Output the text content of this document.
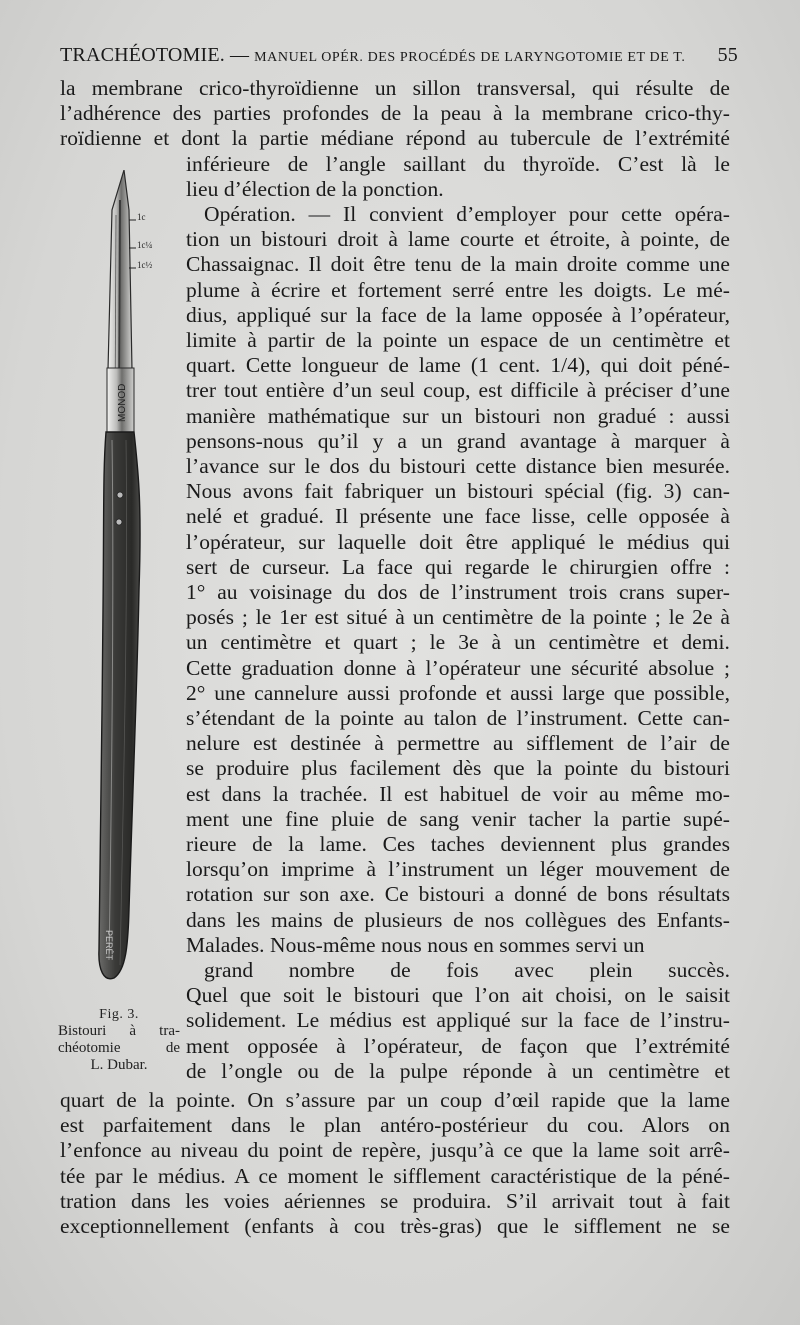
TRACHÉOTOMIE. — MANUEL OPÉR. DES PROCÉDÉS DE LARYNGOTOMIE ET DE T. 55
la membrane crico-thyroïdienne un sillon transversal, qui résulte de
l’adhérence des parties profondes de la peau à la membrane crico-thy-
roïdienne et dont la partie médiane répond au tubercule de l’extrémité
inférieure de l’angle saillant du thyroïde. C’est là le
lieu d’élection de la ponction.
Opération. — Il convient d’employer pour cette opéra-
tion un bistouri droit à lame courte et étroite, à pointe, de
Chassaignac. Il doit être tenu de la main droite comme une
plume à écrire et fortement serré entre les doigts. Le mé-
dius, appliqué sur la face de la lame opposée à l’opérateur,
limite à partir de la pointe un espace de un centimètre et
quart. Cette longueur de lame (1 cent. 1/4), qui doit péné-
trer tout entière d’un seul coup, est difficile à préciser d’une
manière mathématique sur un bistouri non gradué : aussi
pensons-nous qu’il y a un grand avantage à marquer à
l’avance sur le dos du bistouri cette distance bien mesurée.
Nous avons fait fabriquer un bistouri spécial (fig. 3) can-
nelé et gradué. Il présente une face lisse, celle opposée à
l’opérateur, sur laquelle doit être appliqué le médius qui
sert de curseur. La face qui regarde le chirurgien offre :
1° au voisinage du dos de l’instrument trois crans super-
posés ; le 1er est situé à un centimètre de la pointe ; le 2e à
un centimètre et quart ; le 3e à un centimètre et demi.
Cette graduation donne à l’opérateur une sécurité absolue ;
2° une cannelure aussi profonde et aussi large que possible,
s’étendant de la pointe au talon de l’instrument. Cette can-
nelure est destinée à permettre au sifflement de l’air de
se produire plus facilement dès que la pointe du bistouri
est dans la trachée. Il est habituel de voir au même mo-
ment une fine pluie de sang venir tacher la partie supé-
rieure de la lame. Ces taches deviennent plus grandes
lorsqu’on imprime à l’instrument un léger mouvement de
rotation sur son axe. Ce bistouri a donné de bons résultats
dans les mains de plusieurs de nos collègues des Enfants-
Malades. Nous-même nous nous en sommes servi un
grand nombre de fois avec plein succès.
Quel que soit le bistouri que l’on ait choisi, on le saisit
solidement. Le médius est appliqué sur la face de l’instru-
ment opposée à l’opérateur, de façon que l’extrémité
de l’ongle ou de la pulpe réponde à un centimètre et
quart de la pointe. On s’assure par un coup d’œil rapide que la lame
est parfaitement dans le plan antéro-postérieur du cou. Alors on
l’enfonce au niveau du point de repère, jusqu’à ce que la lame soit arrê-
tée par le médius. A ce moment le sifflement caractéristique de la péné-
tration dans les voies aériennes se produira. S’il arrivait tout à fait
exceptionnellement (enfants à cou très-gras) que le sifflement ne se
1c
1c¼
1c½
MONOD
PERÉT
Fig. 3.
Bistouri à tra-
chéotomie	de
L. Dubar.
